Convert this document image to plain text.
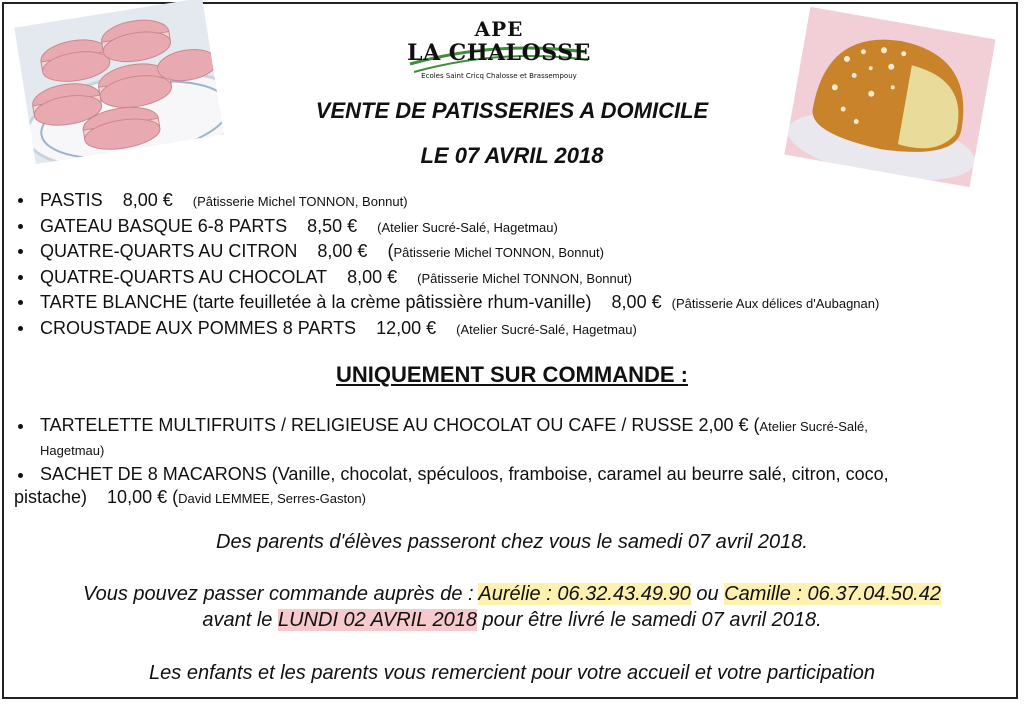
APE
LA CHALOSSE
Ecoles Saint Cricq Chalosse et Brassempouy
VENTE DE PATISSERIES A DOMICILE
LE 07 AVRIL 2018
PASTIS 8,00 € (Pâtisserie Michel TONNON, Bonnut)
GATEAU BASQUE 6-8 PARTS 8,50 € (Atelier Sucré-Salé, Hagetmau)
QUATRE-QUARTS AU CITRON 8,00 € (Pâtisserie Michel TONNON, Bonnut)
QUATRE-QUARTS AU CHOCOLAT 8,00 € (Pâtisserie Michel TONNON, Bonnut)
TARTE BLANCHE (tarte feuilletée à la crème pâtissière rhum-vanille) 8,00 € (Pâtisserie Aux délices d'Aubagnan)
CROUSTADE AUX POMMES 8 PARTS 12,00 € (Atelier Sucré-Salé, Hagetmau)
UNIQUEMENT SUR COMMANDE :
TARTELETTE MULTIFRUITS / RELIGIEUSE AU CHOCOLAT OU CAFE / RUSSE 2,00 € (Atelier Sucré-Salé,
Hagetmau)
SACHET DE 8 MACARONS (Vanille, chocolat, spéculoos, framboise, caramel au beurre salé, citron, coco,
pistache)    10,00 € (David LEMMEE, Serres-Gaston)
Des parents d'élèves passeront chez vous le samedi 07 avril 2018.
Vous pouvez passer commande auprès de : Aurélie : 06.32.43.49.90 ou Camille : 06.37.04.50.42
avant le LUNDI 02 AVRIL 2018 pour être livré le samedi 07 avril 2018.
Les enfants et les parents vous remercient pour votre accueil et votre participation
